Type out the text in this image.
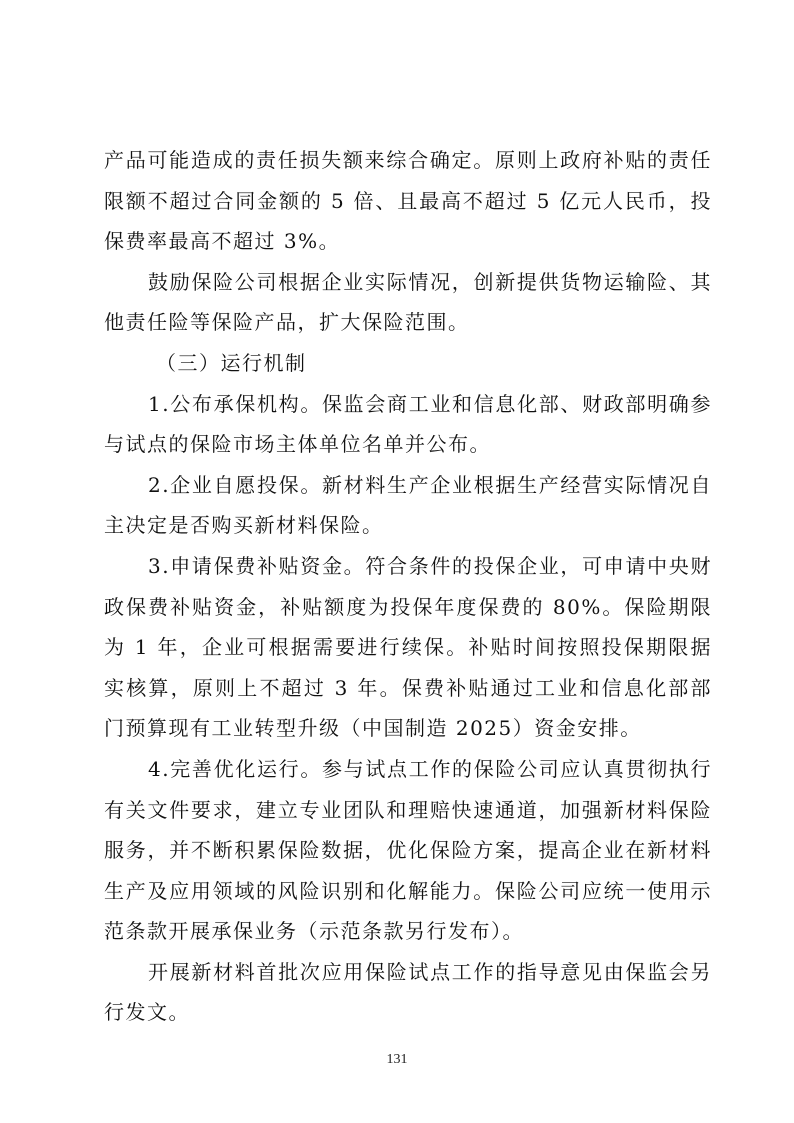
产品可能造成的责任损失额来综合确定。原则上政府补贴的责任限额不超过合同金额的 5 倍、且最高不超过 5 亿元人民币，投保费率最高不超过 3%。

鼓励保险公司根据企业实际情况，创新提供货物运输险、其他责任险等保险产品，扩大保险范围。

（三）运行机制

1.公布承保机构。保监会商工业和信息化部、财政部明确参与试点的保险市场主体单位名单并公布。

2.企业自愿投保。新材料生产企业根据生产经营实际情况自主决定是否购买新材料保险。

3.申请保费补贴资金。符合条件的投保企业，可申请中央财政保费补贴资金，补贴额度为投保年度保费的 80%。保险期限为 1 年，企业可根据需要进行续保。补贴时间按照投保期限据实核算，原则上不超过 3 年。保费补贴通过工业和信息化部部门预算现有工业转型升级（中国制造 2025）资金安排。

4.完善优化运行。参与试点工作的保险公司应认真贯彻执行有关文件要求，建立专业团队和理赔快速通道，加强新材料保险服务，并不断积累保险数据，优化保险方案，提高企业在新材料生产及应用领域的风险识别和化解能力。保险公司应统一使用示范条款开展承保业务（示范条款另行发布）。

开展新材料首批次应用保险试点工作的指导意见由保监会另行发文。

131
